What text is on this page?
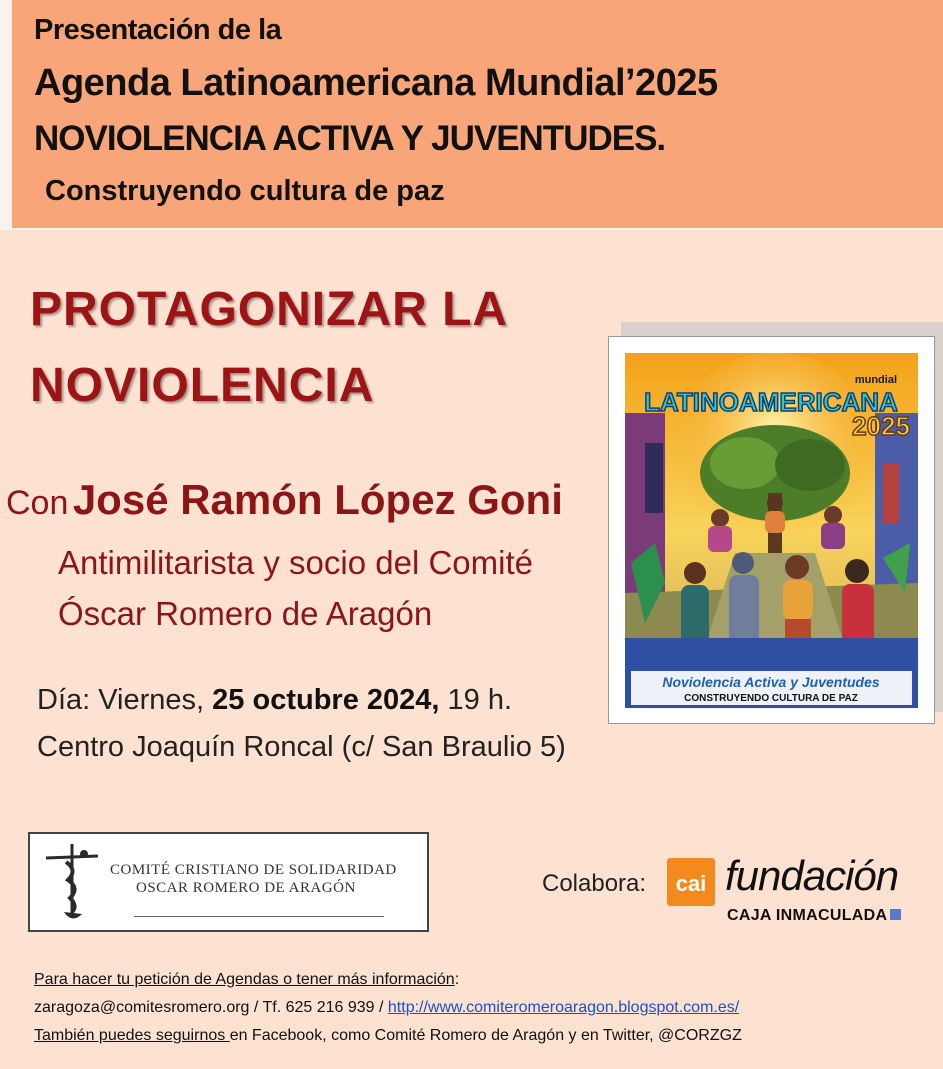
Presentación de la
Agenda Latinoamericana Mundial’2025
NOVIOLENCIA ACTIVA Y JUVENTUDES.
Construyendo cultura de paz
PROTAGONIZAR LA
NOVIOLENCIA
Con José Ramón López Goni
Antimilitarista y socio del Comité
Óscar Romero de Aragón
Día: Viernes, 25 octubre 2024, 19 h.
Centro Joaquín Roncal (c/ San Braulio 5)
mundial
LATINOAMERICANA
2025
Noviolencia Activa y Juventudes
CONSTRUYENDO CULTURA DE PAZ
COMITÉ CRISTIANO DE SOLIDARIDAD
OSCAR ROMERO DE ARAGÓN	Colabora: cai fundación
CAJA INMACULADA
Para hacer tu petición de Agendas o tener más información:
zaragoza@comitesromero.org / Tf. 625 216 939 / http://www.comiteromeroaragon.blogspot.com.es/
También puedes seguirnos en Facebook, como Comité Romero de Aragón y en Twitter, @CORZGZ
